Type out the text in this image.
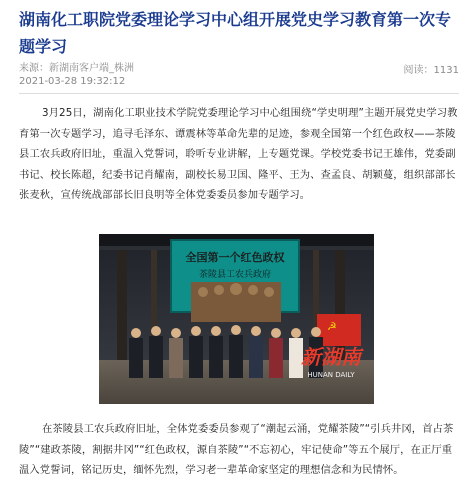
湖南化工职院党委理论学习中心组开展党史学习教育第一次专题学习
来源：新湖南客户端_株洲
2021-03-28 19:32:12
阅读：1131

3月25日，湖南化工职业技术学院党委理论学习中心组围绕“学史明理”主题开展党史学习教育第一次专题学习，追寻毛泽东、谭震林等革命先辈的足迹，参观全国第一个红色政权——茶陵县工农兵政府旧址，重温入党誓词，聆听专业讲解，上专题党课。学校党委书记王雄伟，党委副书记、校长陈超，纪委书记肖耀南，副校长易卫国、隆平、王为、查孟良、胡颖蔓，组织部部长张麦秋，宣传统战部部长旧良明等全体党委委员参加专题学习。

全国第一个红色政权
茶陵县工农兵政府
☭
新湖南
HUNAN DAILY

在茶陵县工农兵政府旧址，全体党委委员参观了“潮起云涌，党耀茶陵”“引兵井冈，首占茶陵”“建政茶陵，割据井冈”“红色政权，源自茶陵”“不忘初心，牢记使命”等五个展厅，在正厅重温入党誓词，铭记历史，缅怀先烈，学习老一辈革命家坚定的理想信念和为民情怀。
